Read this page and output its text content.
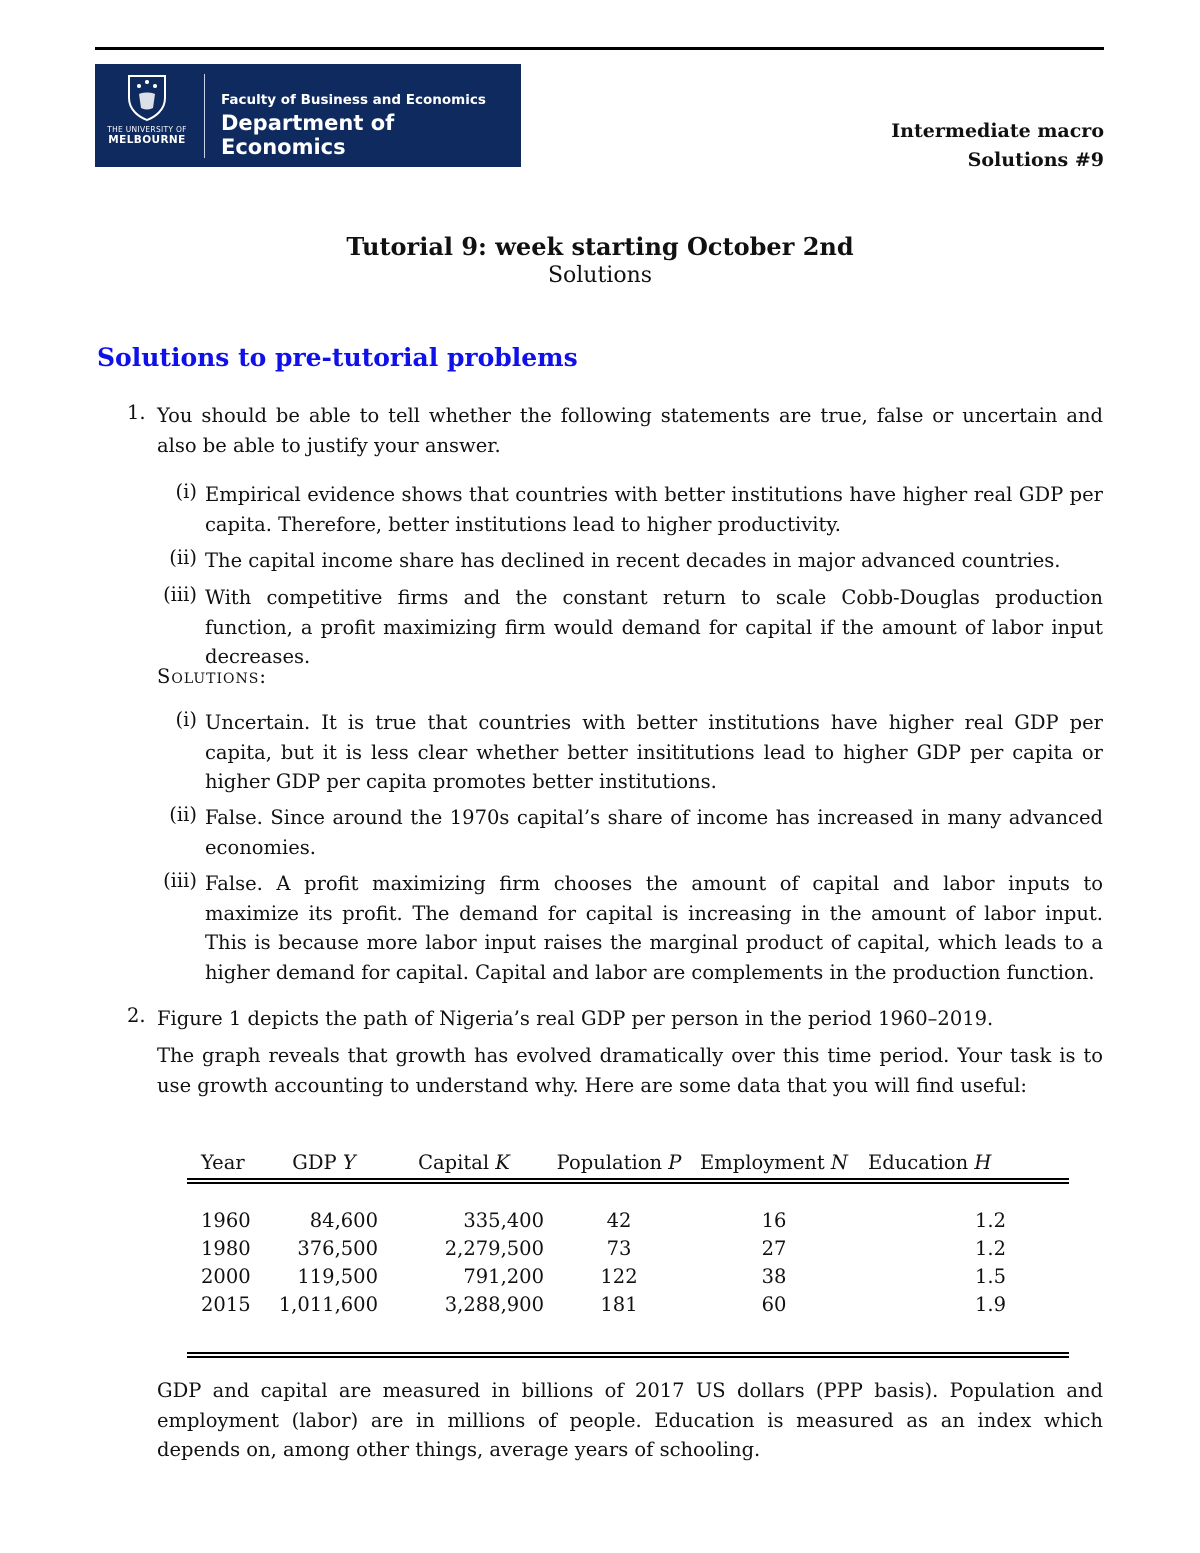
THE UNIVERSITY OF
MELBOURNE
Faculty of Business and Economics
Department of Economics
Intermediate macro
Solutions #9
Tutorial 9: week starting October 2nd
Solutions
Solutions to pre-tutorial problems
1. You should be able to tell whether the following statements are true, false or uncertain and also be able to justify your answer.
(i) Empirical evidence shows that countries with better institutions have higher real GDP per capita. Therefore, better institutions lead to higher productivity.
(ii) The capital income share has declined in recent decades in major advanced countries.
(iii) With competitive firms and the constant return to scale Cobb-Douglas production function, a profit maximizing firm would demand for capital if the amount of labor input decreases.
Solutions:
(i) Uncertain. It is true that countries with better institutions have higher real GDP per capita, but it is less clear whether better insititutions lead to higher GDP per capita or higher GDP per capita promotes better institutions.
(ii) False. Since around the 1970s capital’s share of income has increased in many advanced economies.
(iii) False. A profit maximizing firm chooses the amount of capital and labor inputs to maximize its profit. The demand for capital is increasing in the amount of labor input. This is because more labor input raises the marginal product of capital, which leads to a higher demand for capital. Capital and labor are complements in the production function.
2. Figure 1 depicts the path of Nigeria’s real GDP per person in the period 1960–2019.
The graph reveals that growth has evolved dramatically over this time period. Your task is to use growth accounting to understand why. Here are some data that you will find useful:
Year	GDP Y	Capital K	Population P	Employment N	Education H

1960	84,600	335,400	42	16	1.2
1980	376,500	2,279,500	73	27	1.2
2000	119,500	791,200	122	38	1.5
2015	1,011,600	3,288,900	181	60	1.9
GDP and capital are measured in billions of 2017 US dollars (PPP basis). Population and employment (labor) are in millions of people. Education is measured as an index which depends on, among other things, average years of schooling.
